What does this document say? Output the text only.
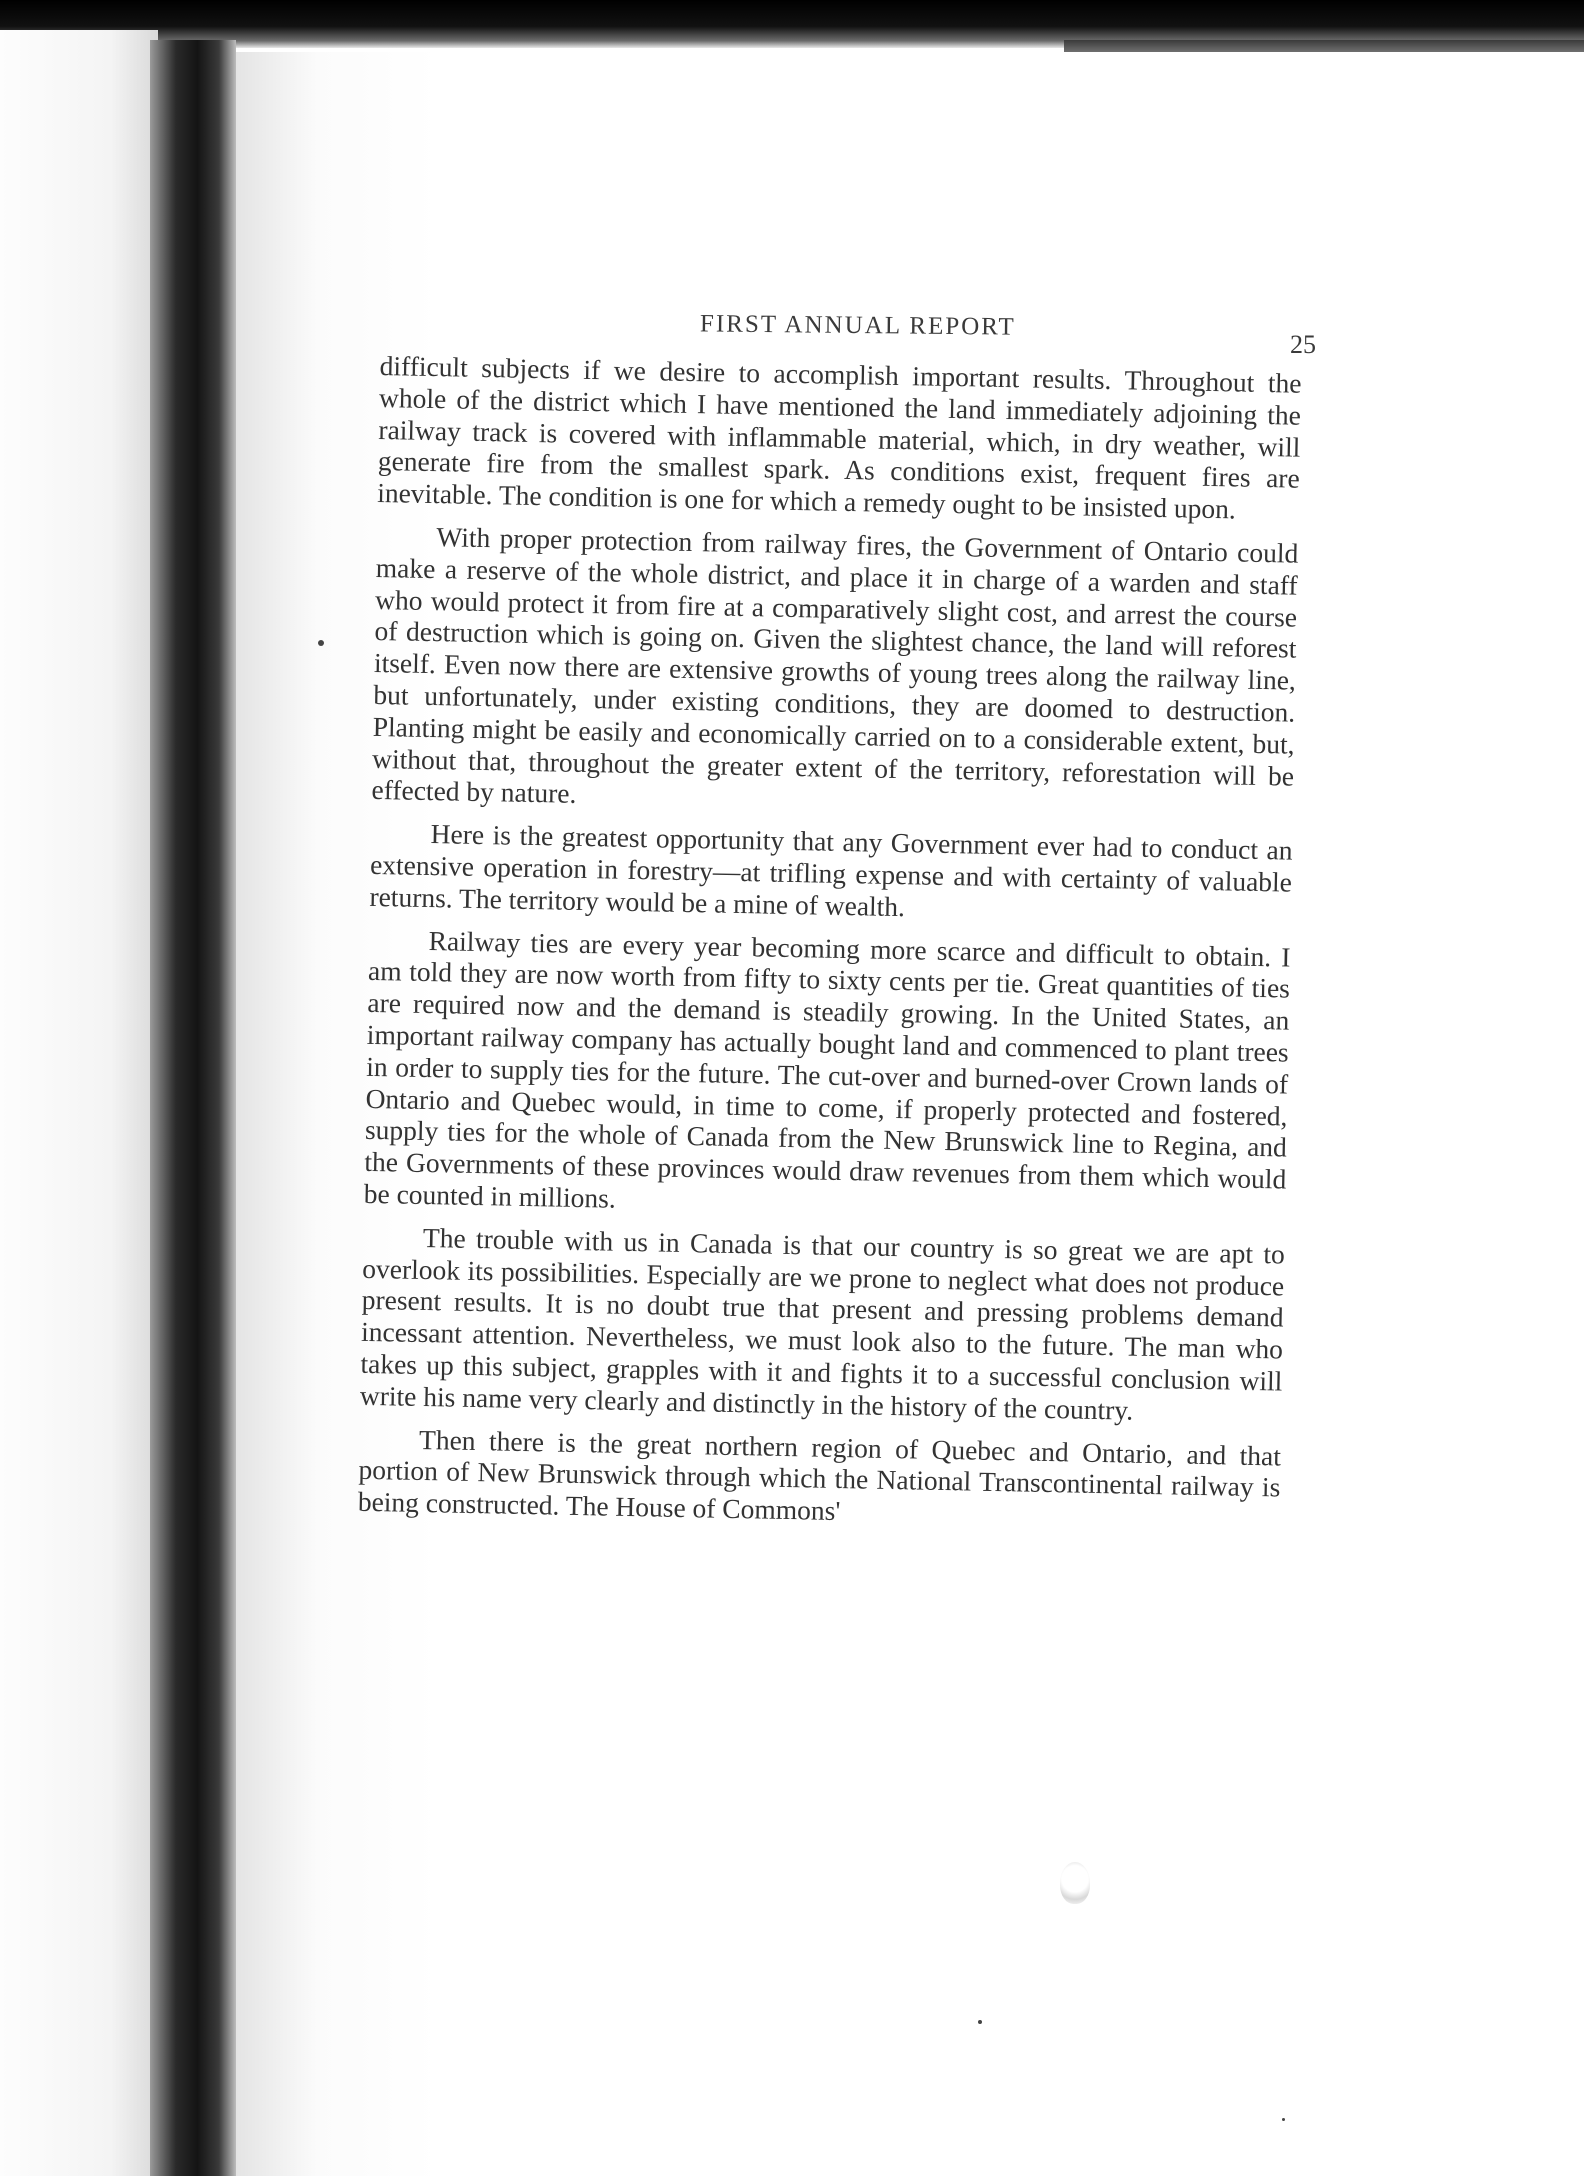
FIRST ANNUAL REPORT
25

difficult subjects if we desire to accomplish important results. Throughout the whole of the district which I have mentioned the land immediately adjoining the railway track is covered with inflammable material, which, in dry weather, will generate fire from the smallest spark. As conditions exist, frequent fires are inevitable. The condition is one for which a remedy ought to be insisted upon.

With proper protection from railway fires, the Government of Ontario could make a reserve of the whole district, and place it in charge of a warden and staff who would protect it from fire at a comparatively slight cost, and arrest the course of destruction which is going on. Given the slightest chance, the land will reforest itself. Even now there are extensive growths of young trees along the railway line, but unfortunately, under existing conditions, they are doomed to destruction. Planting might be easily and economically carried on to a considerable extent, but, without that, throughout the greater extent of the territory, reforestation will be effected by nature.

Here is the greatest opportunity that any Government ever had to conduct an extensive operation in forestry—at trifling expense and with certainty of valuable returns. The territory would be a mine of wealth.

Railway ties are every year becoming more scarce and difficult to obtain. I am told they are now worth from fifty to sixty cents per tie. Great quantities of ties are required now and the demand is steadily growing. In the United States, an important railway company has actually bought land and commenced to plant trees in order to supply ties for the future. The cut-over and burned-over Crown lands of Ontario and Quebec would, in time to come, if properly protected and fostered, supply ties for the whole of Canada from the New Brunswick line to Regina, and the Governments of these provinces would draw revenues from them which would be counted in millions.

The trouble with us in Canada is that our country is so great we are apt to overlook its possibilities. Especially are we prone to neglect what does not produce present results. It is no doubt true that present and pressing problems demand incessant attention. Nevertheless, we must look also to the future. The man who takes up this subject, grapples with it and fights it to a successful conclusion will write his name very clearly and distinctly in the history of the country.

Then there is the great northern region of Quebec and Ontario, and that portion of New Brunswick through which the National Transcontinental railway is being constructed. The House of Commons'
